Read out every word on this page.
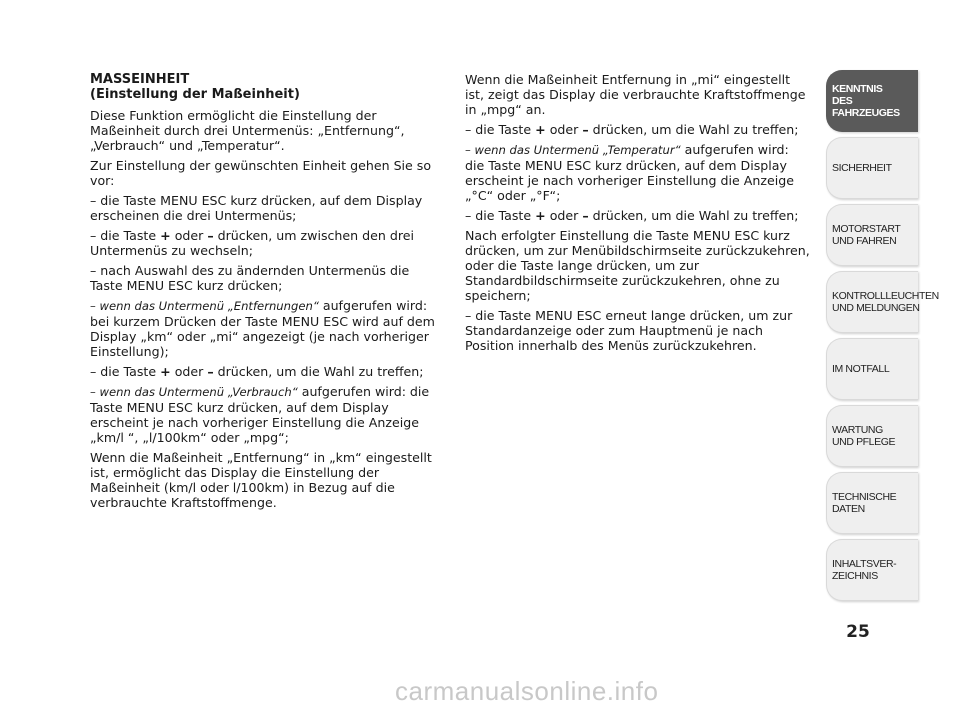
MASSEINHEIT
(Einstellung der Maßeinheit)

Diese Funktion ermöglicht die Einstellung der Maßeinheit durch drei Untermenüs: „Entfernung“, „Verbrauch“ und „Temperatur“.

Zur Einstellung der gewünschten Einheit gehen Sie so vor:

– die Taste MENU ESC kurz drücken, auf dem Display erscheinen die drei Untermenüs;

– die Taste + oder – drücken, um zwischen den drei Untermenüs zu wechseln;

– nach Auswahl des zu ändernden Untermenüs die Taste MENU ESC kurz drücken;

– wenn das Untermenü „Entfernungen“ aufgerufen wird: bei kurzem Drücken der Taste MENU ESC wird auf dem Display „km“ oder „mi“ angezeigt (je nach vorheriger Einstellung);

– die Taste + oder – drücken, um die Wahl zu treffen;

– wenn das Untermenü „Verbrauch“ aufgerufen wird: die Taste MENU ESC kurz drücken, auf dem Display erscheint je nach vorheriger Einstellung die Anzeige „km/l “, „l/100km“ oder „mpg“;

Wenn die Maßeinheit „Entfernung“ in „km“ eingestellt ist, ermöglicht das Display die Einstellung der Maßeinheit (km/l oder l/100km) in Bezug auf die verbrauchte Kraftstoffmenge.

Wenn die Maßeinheit Entfernung in „mi“ eingestellt ist, zeigt das Display die verbrauchte Kraftstoffmenge in „mpg“ an.

– die Taste + oder – drücken, um die Wahl zu treffen;

– wenn das Untermenü „Temperatur“ aufgerufen wird: die Taste MENU ESC kurz drücken, auf dem Display erscheint je nach vorheriger Einstellung die Anzeige „°C“ oder „°F“;

– die Taste + oder – drücken, um die Wahl zu treffen;

Nach erfolgter Einstellung die Taste MENU ESC kurz drücken, um zur Menübildschirmseite zurückzukehren, oder die Taste lange drücken, um zur Standardbildschirmseite zurückzukehren, ohne zu speichern;

– die Taste MENU ESC erneut lange drücken, um zur Standardanzeige oder zum Hauptmenü je nach Position innerhalb des Menüs zurückzukehren.

KENNTNIS
DES FAHRZEUGES
SICHERHEIT
MOTORSTART
UND FAHREN
KONTROLLLEUCHTEN
UND MELDUNGEN
IM NOTFALL
WARTUNG
UND PFLEGE
TECHNISCHE DATEN
INHALTSVER-
ZEICHNIS
25
carmanualsonline.info
